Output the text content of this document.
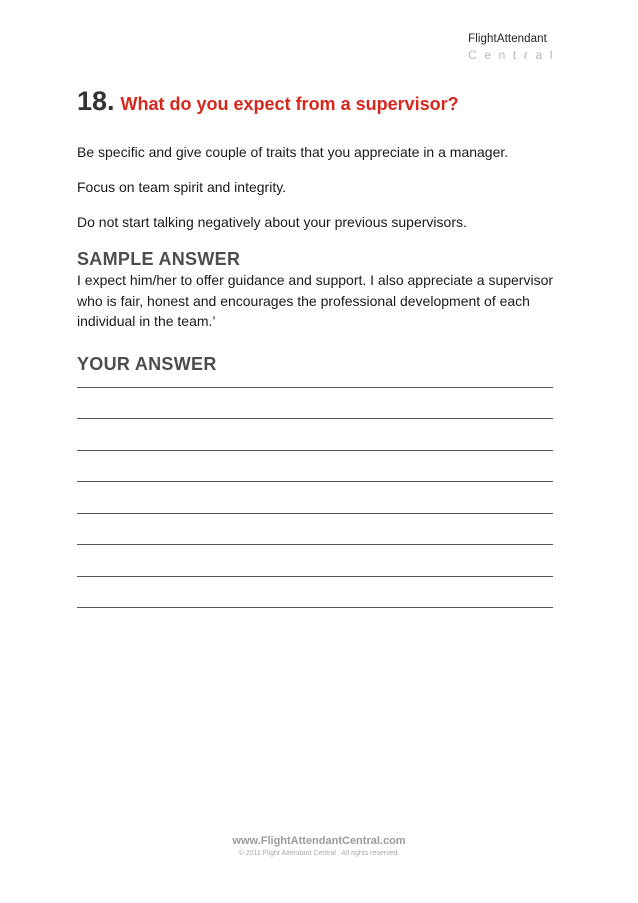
FlightAttendant
Central
18. What do you expect from a supervisor?

Be specific and give couple of traits that you appreciate in a manager.

Focus on team spirit and integrity.

Do not start talking negatively about your previous supervisors.

SAMPLE ANSWER

I expect him/her to offer guidance and support. I also appreciate a supervisor who is fair, honest and encourages the professional development of each individual in the team.’

YOUR ANSWER
www.FlightAttendantCentral.com
© 2011 Flight Attendant Central . All rights reserved.
